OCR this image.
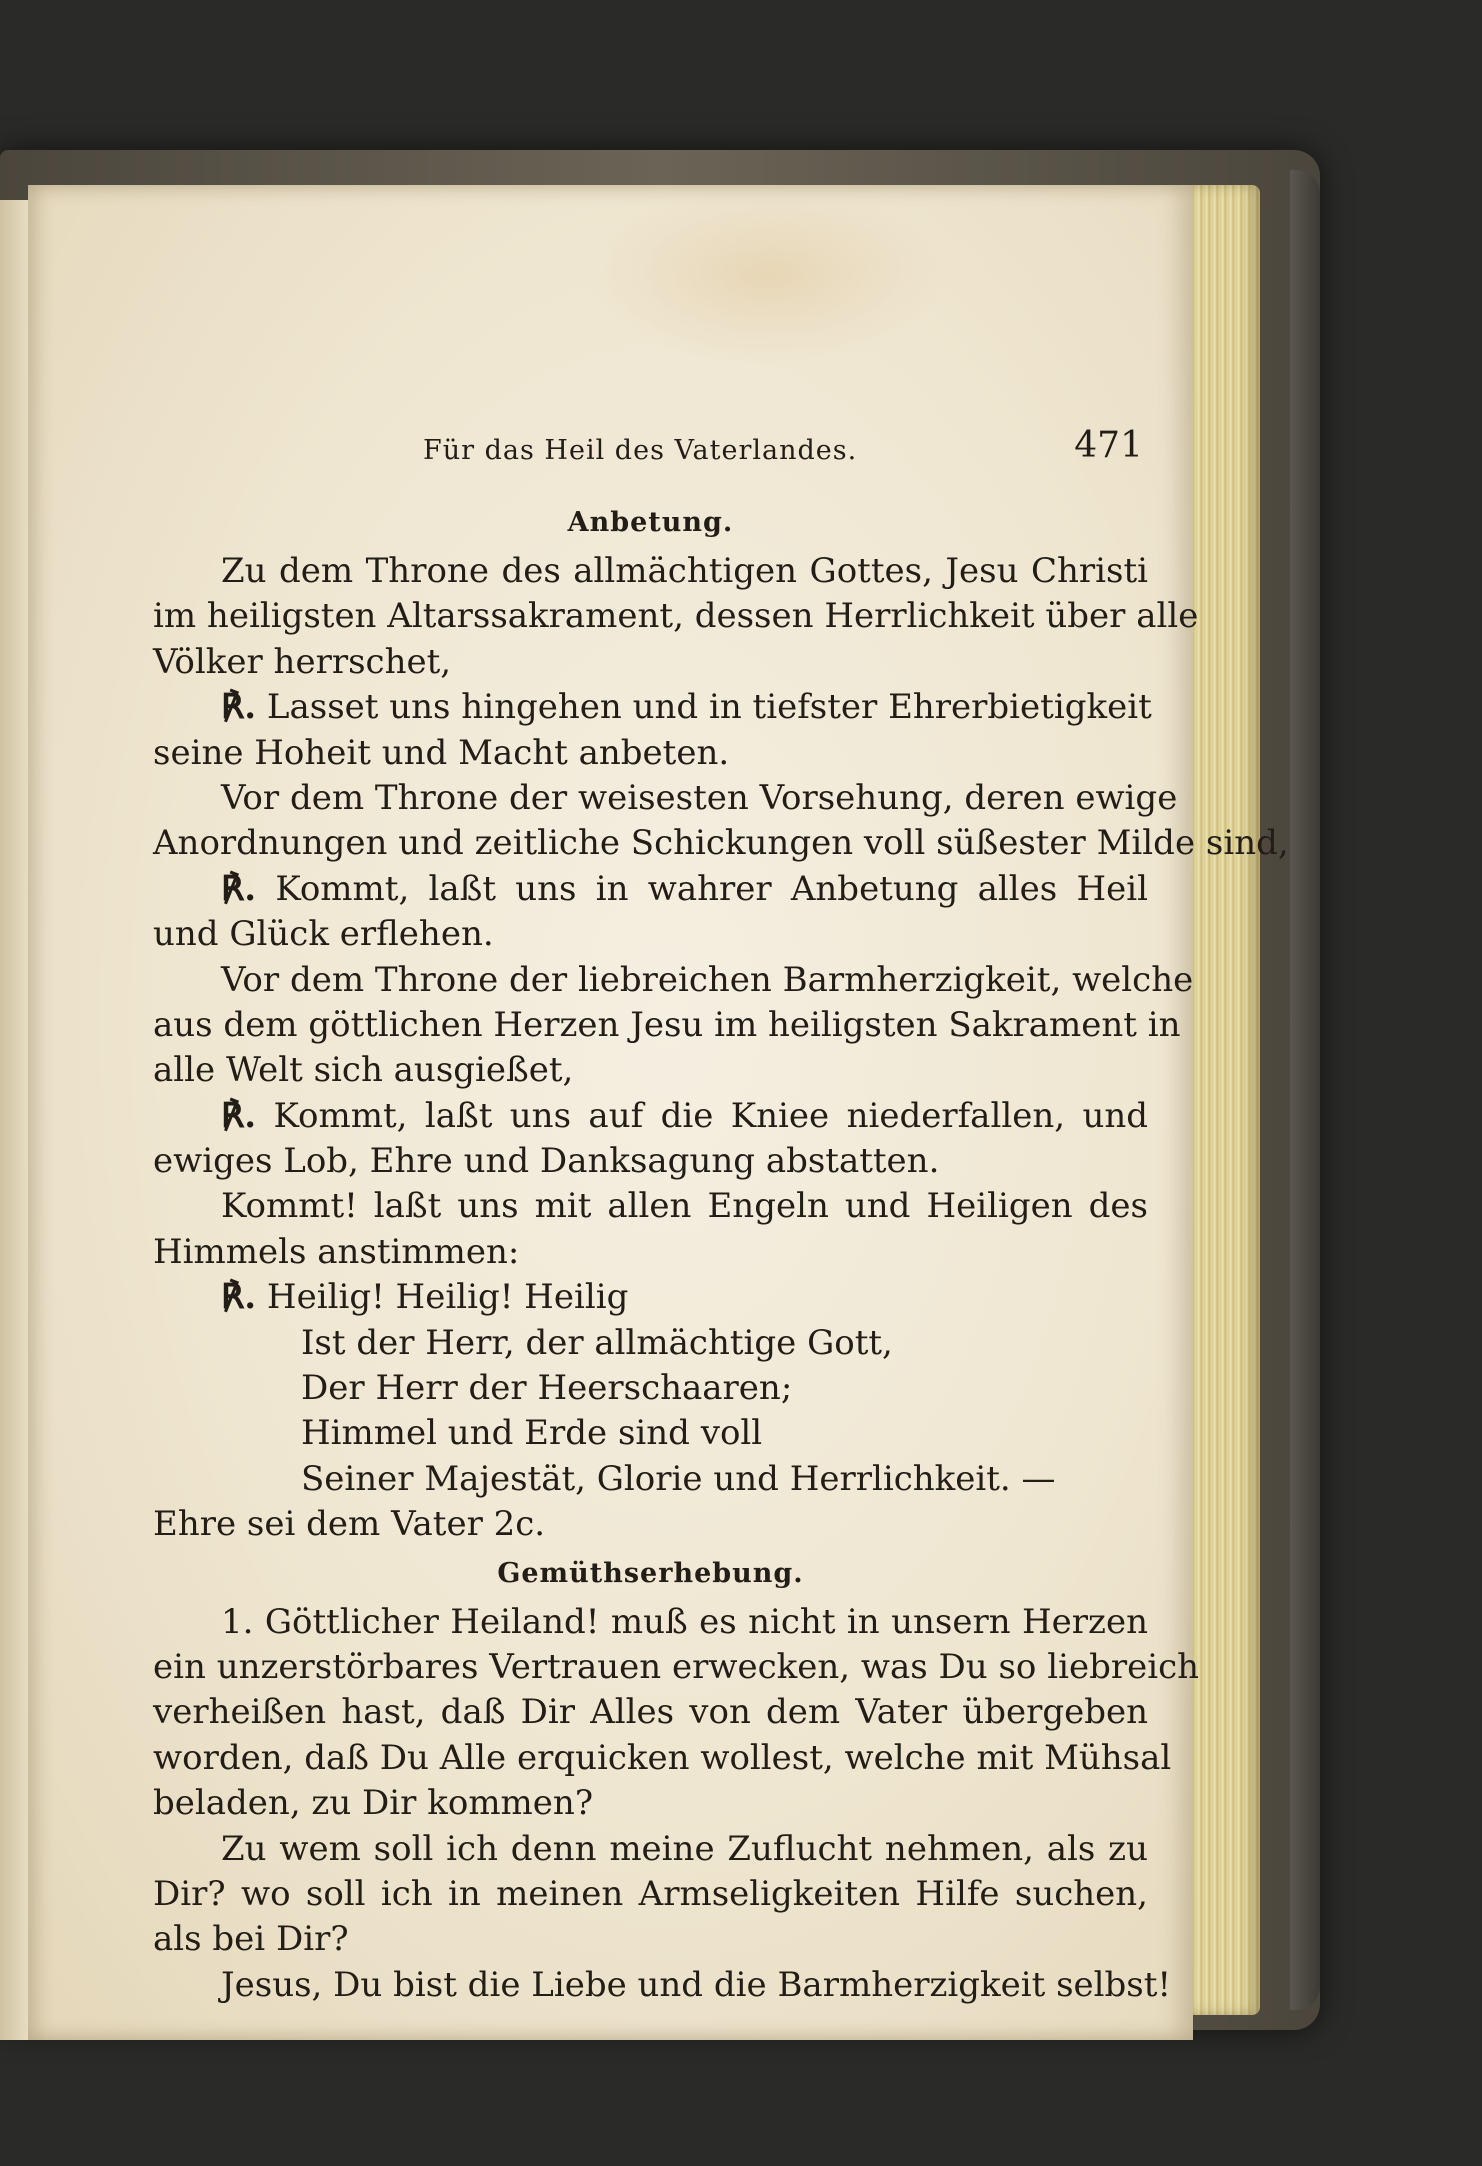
Für das Heil des Vaterlandes.	471
Anbetung.
Zu dem Throne des allmächtigen Gottes, Jesu Christi
im heiligsten Altarssakrament, dessen Herrlichkeit über alle
Völker herrschet,
℟. Lasset uns hingehen und in tiefster Ehrerbietigkeit
seine Hoheit und Macht anbeten.
Vor dem Throne der weisesten Vorsehung, deren ewige
Anordnungen und zeitliche Schickungen voll süßester Milde sind,
℟. Kommt, laßt uns in wahrer Anbetung alles Heil
und Glück erflehen.
Vor dem Throne der liebreichen Barmherzigkeit, welche
aus dem göttlichen Herzen Jesu im heiligsten Sakrament in
alle Welt sich ausgießet,
℟. Kommt, laßt uns auf die Kniee niederfallen, und
ewiges Lob, Ehre und Danksagung abstatten.
Kommt! laßt uns mit allen Engeln und Heiligen des
Himmels anstimmen:
℟. Heilig! Heilig! Heilig
Ist der Herr, der allmächtige Gott,
Der Herr der Heerschaaren;
Himmel und Erde sind voll
Seiner Majestät, Glorie und Herrlichkeit. —
Ehre sei dem Vater 2c.
Gemüthserhebung.
1. Göttlicher Heiland! muß es nicht in unsern Herzen
ein unzerstörbares Vertrauen erwecken, was Du so liebreich
verheißen hast, daß Dir Alles von dem Vater übergeben
worden, daß Du Alle erquicken wollest, welche mit Mühsal
beladen, zu Dir kommen?
Zu wem soll ich denn meine Zuflucht nehmen, als zu
Dir? wo soll ich in meinen Armseligkeiten Hilfe suchen,
als bei Dir?
Jesus, Du bist die Liebe und die Barmherzigkeit selbst!
